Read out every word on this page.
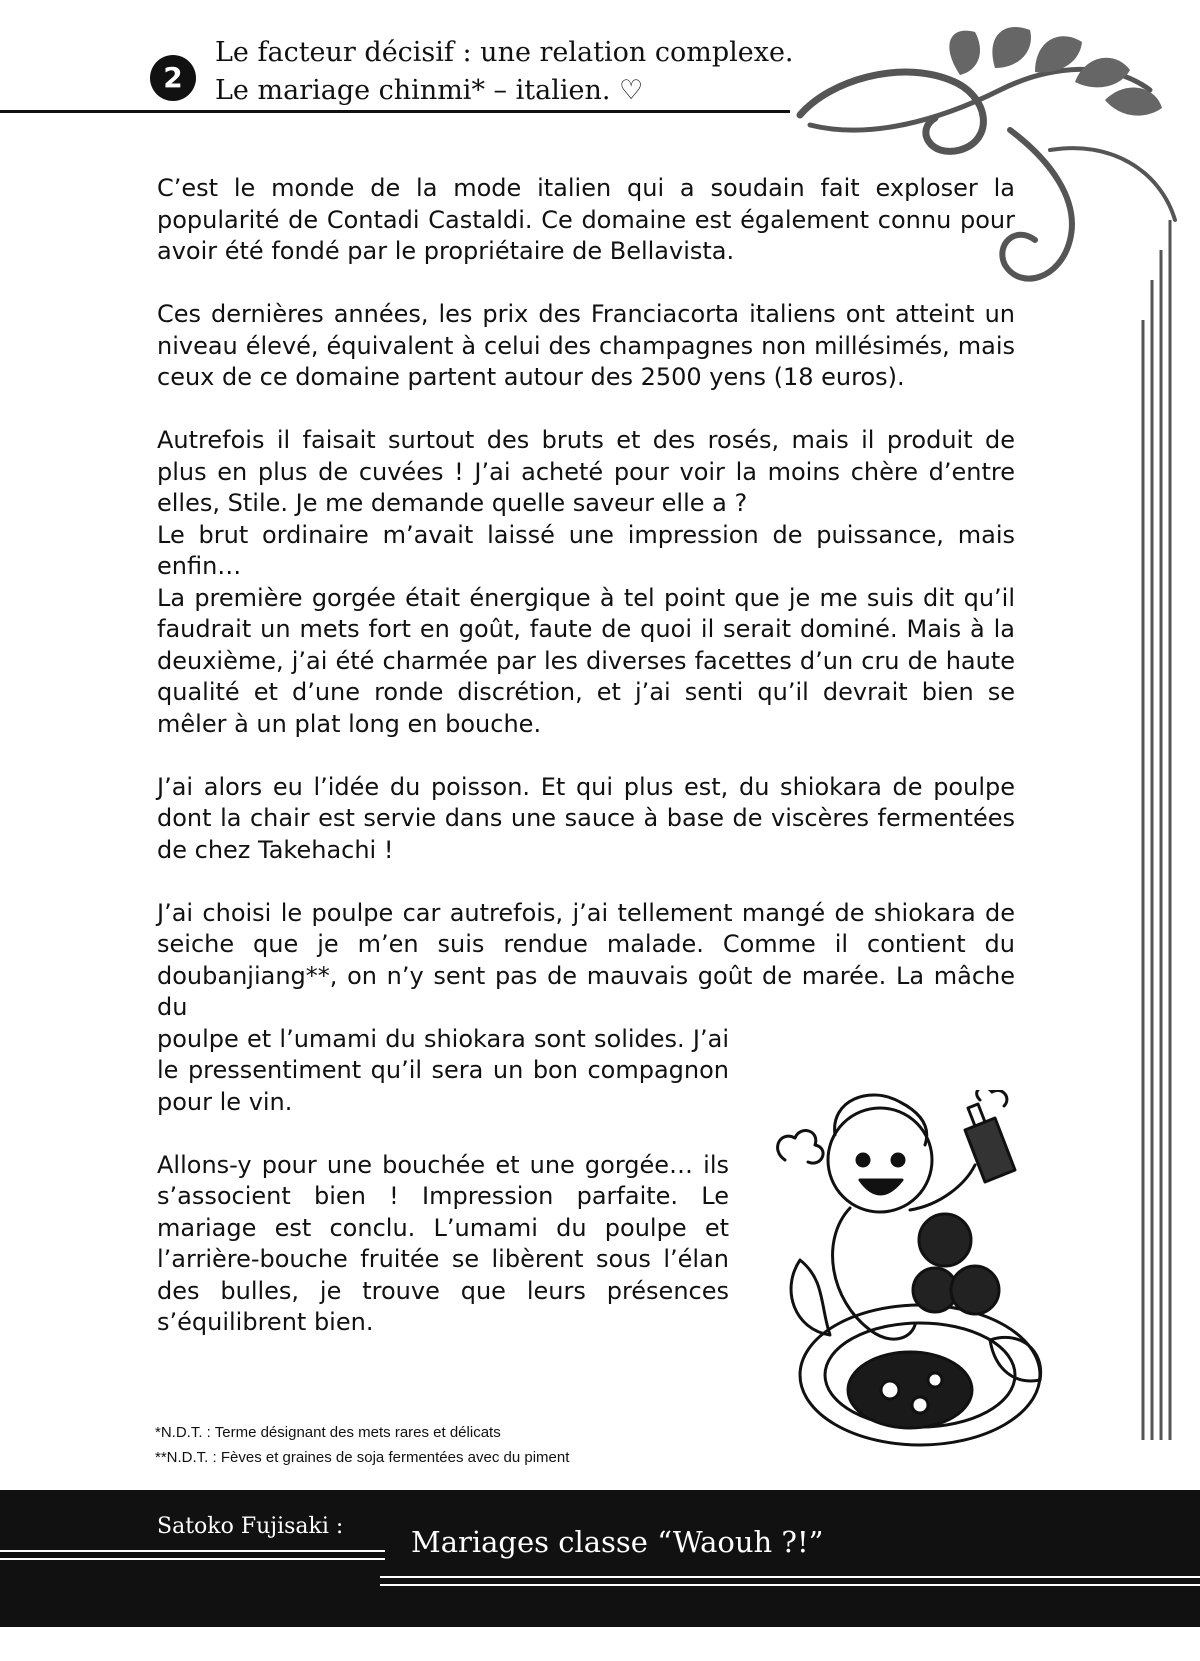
2
Le facteur décisif : une relation complexe.
Le mariage chinmi* – italien. ♡

C’est le monde de la mode italien qui a soudain fait exploser la popularité de Contadi Castaldi. Ce domaine est également connu pour avoir été fondé par le propriétaire de Bellavista.

Ces dernières années, les prix des Franciacorta italiens ont atteint un niveau élevé, équivalent à celui des champagnes non millésimés, mais ceux de ce domaine partent autour des 2500 yens (18 euros).

Autrefois il faisait surtout des bruts et des rosés, mais il produit de plus en plus de cuvées ! J’ai acheté pour voir la moins chère d’entre elles, Stile. Je me demande quelle saveur elle a ?

Le brut ordinaire m’avait laissé une impression de puissance, mais enfin…

La première gorgée était énergique à tel point que je me suis dit qu’il faudrait un mets fort en goût, faute de quoi il serait dominé. Mais à la deuxième, j’ai été charmée par les diverses facettes d’un cru de haute qualité et d’une ronde discrétion, et j’ai senti qu’il devrait bien se mêler à un plat long en bouche.

J’ai alors eu l’idée du poisson. Et qui plus est, du shiokara de poulpe dont la chair est servie dans une sauce à base de viscères fermentées de chez Takehachi !

J’ai choisi le poulpe car autrefois, j’ai tellement mangé de shiokara de seiche que je m’en suis rendue malade. Comme il contient du doubanjiang**, on n’y sent pas de mauvais goût de marée. La mâche du

poulpe et l’umami du shiokara sont solides. J’ai le pressentiment qu’il sera un bon compagnon pour le vin.

Allons-y pour une bouchée et une gorgée… ils s’associent bien ! Impression parfaite. Le mariage est conclu. L’umami du poulpe et l’arrière-bouche fruitée se libèrent sous l’élan des bulles, je trouve que leurs présences s’équilibrent bien.

*N.D.T. : Terme désignant des mets rares et délicats
**N.D.T. : Fèves et graines de soja fermentées avec du piment
Satoko Fujisaki : Mariages classe “Waouh ?!”
